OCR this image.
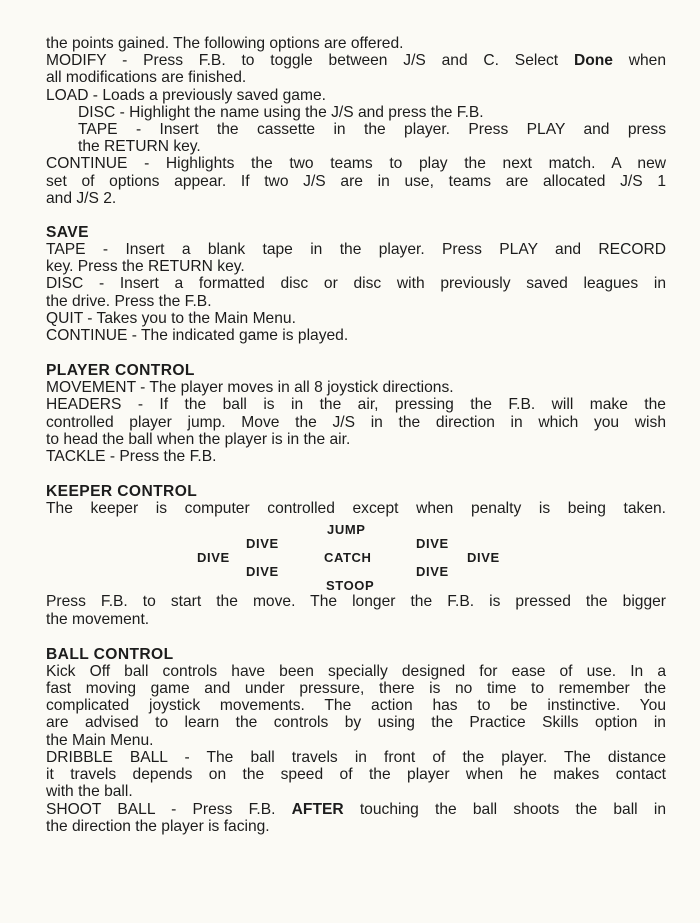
the points gained. The following options are offered.

MODIFY - Press F.B. to toggle between J/S and C. Select Done when

all modifications are finished.

LOAD - Loads a previously saved game.

DISC - Highlight the name using the J/S and press the F.B.

TAPE - Insert the cassette in the player. Press PLAY and press

the RETURN key.

CONTINUE - Highlights the two teams to play the next match. A new

set of options appear. If two J/S are in use, teams are allocated J/S 1

and J/S 2.

SAVE

TAPE - Insert a blank tape in the player. Press PLAY and RECORD

key. Press the RETURN key.

DISC - Insert a formatted disc or disc with previously saved leagues in

the drive. Press the F.B.

QUIT - Takes you to the Main Menu.

CONTINUE - The indicated game is played.

PLAYER CONTROL

MOVEMENT - The player moves in all 8 joystick directions.

HEADERS - If the ball is in the air, pressing the F.B. will make the

controlled player jump. Move the J/S in the direction in which you wish

to head the ball when the player is in the air.

TACKLE - Press the F.B.

KEEPER CONTROL

The keeper is computer controlled except when penalty is being taken.

JUMP
DIVE	DIVE
DIVE	CATCH	DIVE
DIVE	DIVE
STOOP

Press F.B. to start the move. The longer the F.B. is pressed the bigger

the movement.

BALL CONTROL

Kick Off ball controls have been specially designed for ease of use. In a

fast moving game and under pressure, there is no time to remember the

complicated joystick movements. The action has to be instinctive. You

are advised to learn the controls by using the Practice Skills option in

the Main Menu.

DRIBBLE BALL - The ball travels in front of the player. The distance

it travels depends on the speed of the player when he makes contact

with the ball.

SHOOT BALL - Press F.B. AFTER touching the ball shoots the ball in

the direction the player is facing.
